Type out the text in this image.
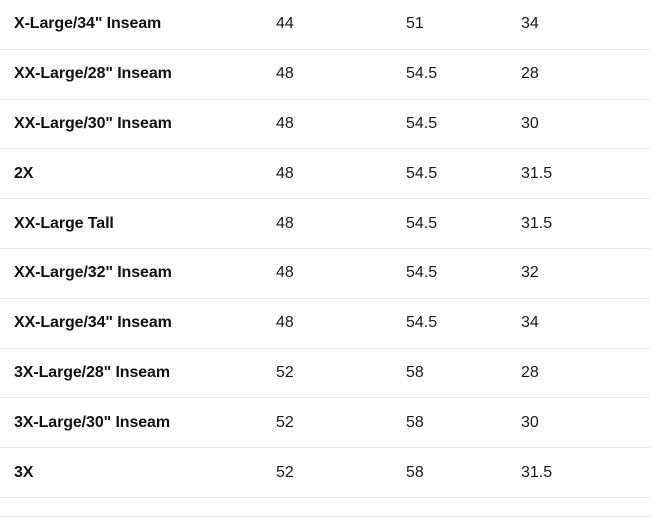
X-Large/34" Inseam	44	51	34
XX-Large/28" Inseam	48	54.5	28
XX-Large/30" Inseam	48	54.5	30
2X	48	54.5	31.5
XX-Large Tall	48	54.5	31.5
XX-Large/32" Inseam	48	54.5	32
XX-Large/34" Inseam	48	54.5	34
3X-Large/28" Inseam	52	58	28
3X-Large/30" Inseam	52	58	30
3X	52	58	31.5
